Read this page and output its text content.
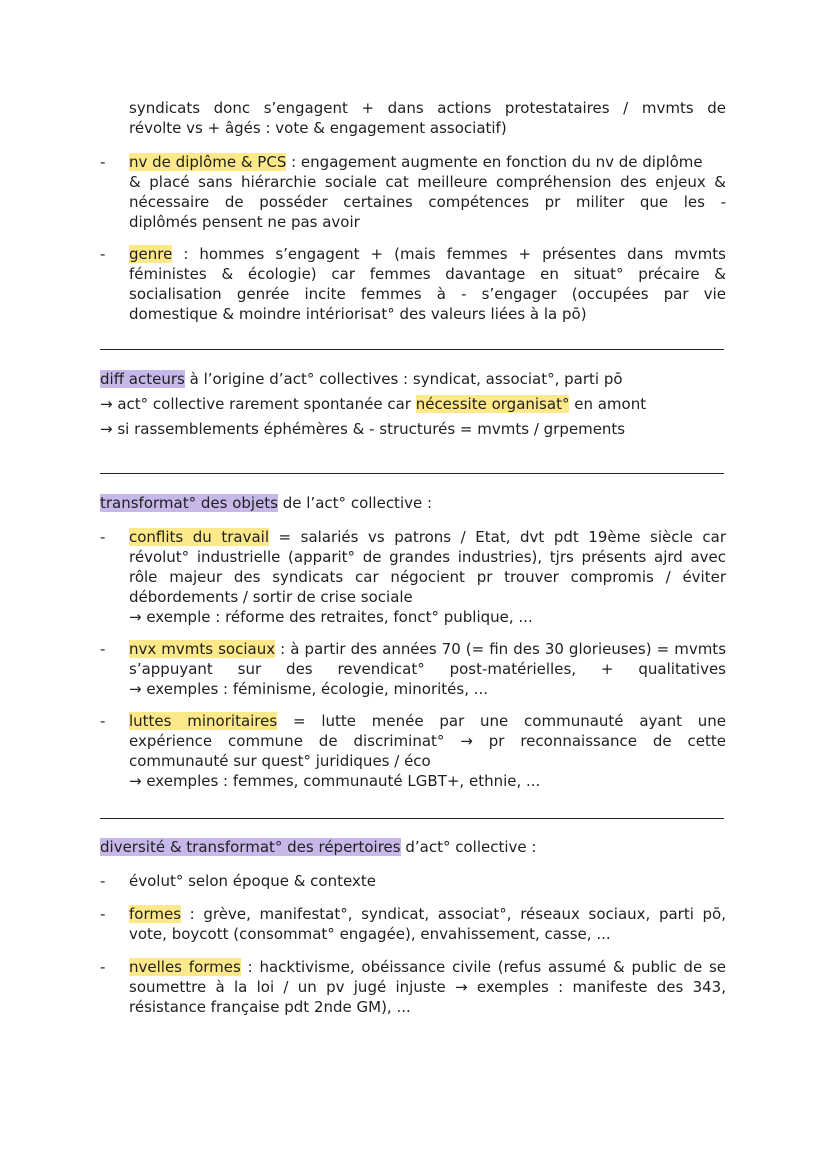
syndicats donc s’engagent + dans actions protestataires / mvmts de
révolte vs + âgés : vote & engagement associatif)
-	nv de diplôme & PCS : engagement augmente en fonction du nv de diplôme
& placé sans hiérarchie sociale cat meilleure compréhension des enjeux &
nécessaire de posséder certaines compétences pr militer que les -
diplômés pensent ne pas avoir
-	genre : hommes s’engagent + (mais femmes + présentes dans mvmts
féministes & écologie) car femmes davantage en situat° précaire &
socialisation genrée incite femmes à - s’engager (occupées par vie
domestique & moindre intériorisat° des valeurs liées à la pō)
diff acteurs à l’origine d’act° collectives : syndicat, associat°, parti pō
→ act° collective rarement spontanée car nécessite organisat° en amont
→ si rassemblements éphémères & - structurés = mvmts / grpements
transformat° des objets de l’act° collective :
-	conflits du travail = salariés vs patrons / Etat, dvt pdt 19ème siècle car
révolut° industrielle (apparit° de grandes industries), tjrs présents ajrd avec
rôle majeur des syndicats car négocient pr trouver compromis / éviter
débordements / sortir de crise sociale
→ exemple : réforme des retraites, fonct° publique, ...
-	nvx mvmts sociaux : à partir des années 70 (= fin des 30 glorieuses) = mvmts
s’appuyant sur des revendicat° post-matérielles, + qualitatives
→ exemples : féminisme, écologie, minorités, ...
-	luttes minoritaires = lutte menée par une communauté ayant une
expérience commune de discriminat° → pr reconnaissance de cette
communauté sur quest° juridiques / éco
→ exemples : femmes, communauté LGBT+, ethnie, ...
diversité & transformat° des répertoires d’act° collective :
-	évolut° selon époque & contexte
-	formes : grève, manifestat°, syndicat, associat°, réseaux sociaux, parti pō,
vote, boycott (consommat° engagée), envahissement, casse, ...
-	nvelles formes : hacktivisme, obéissance civile (refus assumé & public de se
soumettre à la loi / un pv jugé injuste → exemples : manifeste des 343,
résistance française pdt 2nde GM), ...
